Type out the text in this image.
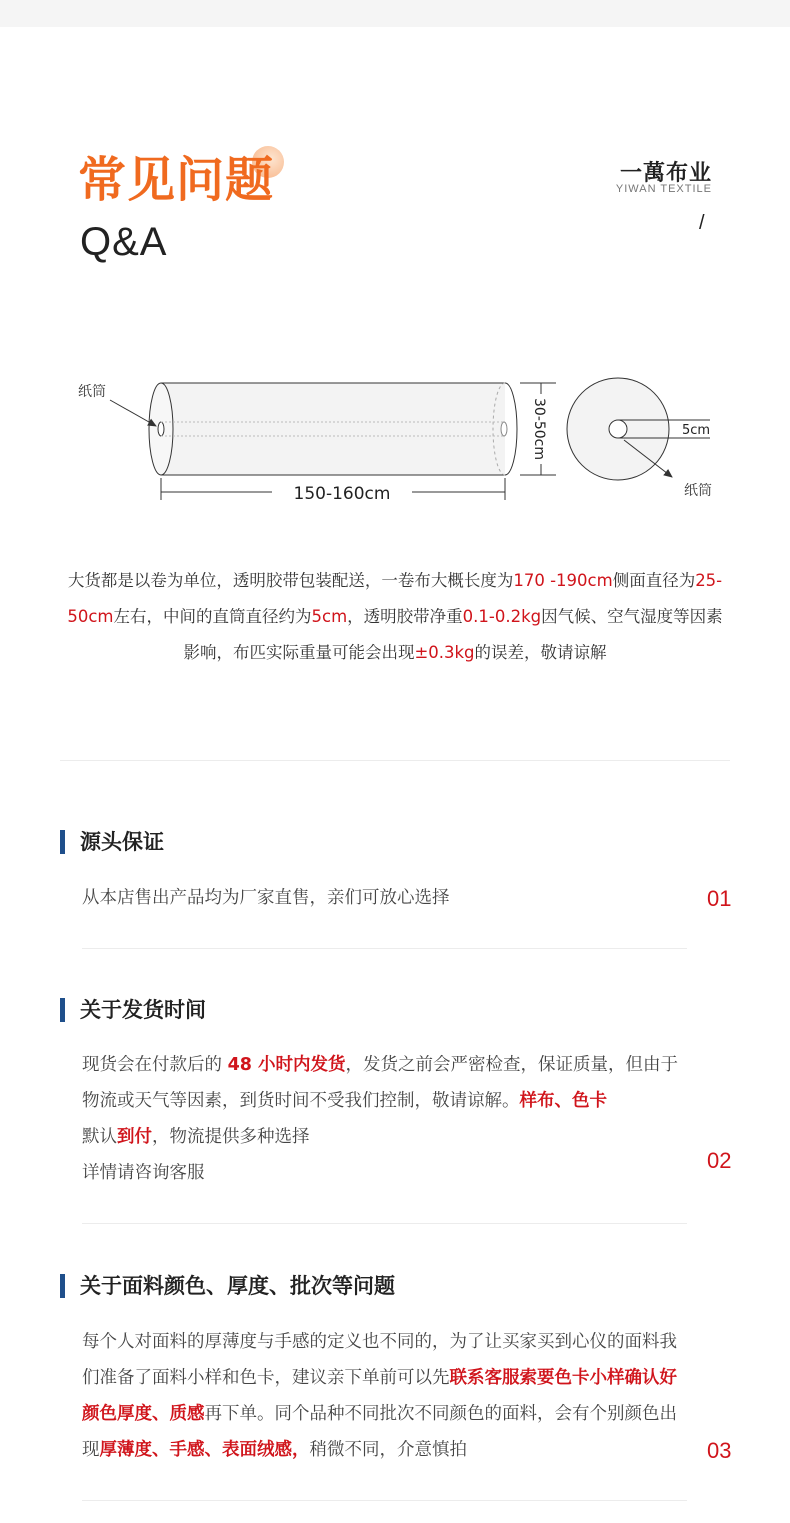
常见问题
Q&A
一萬布业
YIWAN TEXTILE
/
纸筒
150-160cm
30-50cm	5cm
纸筒
大货都是以卷为单位，透明胶带包装配送，一卷布大概长度为170 -190cm侧面直径为25-50cm左右，中间的直筒直径约为5cm，透明胶带净重0.1-0.2kg因气候、空气湿度等因素影响，布匹实际重量可能会出现±0.3kg的误差，敬请谅解
源头保证
从本店售出产品均为厂家直售，亲们可放心选择	01
关于发货时间
现货会在付款后的 48 小时内发货，发货之前会严密检查，保证质量，但由于物流或天气等因素，到货时间不受我们控制，敬请谅解。样布、色卡
默认到付，物流提供多种选择
详情请咨询客服	02
关于面料颜色、厚度、批次等问题
每个人对面料的厚薄度与手感的定义也不同的，为了让买家买到心仪的面料我们准备了面料小样和色卡，建议亲下单前可以先联系客服索要色卡小样确认好颜色厚度、质感再下单。同个品种不同批次不同颜色的面料，会有个别颜色出现厚薄度、手感、表面绒感，稍微不同，介意慎拍	03
